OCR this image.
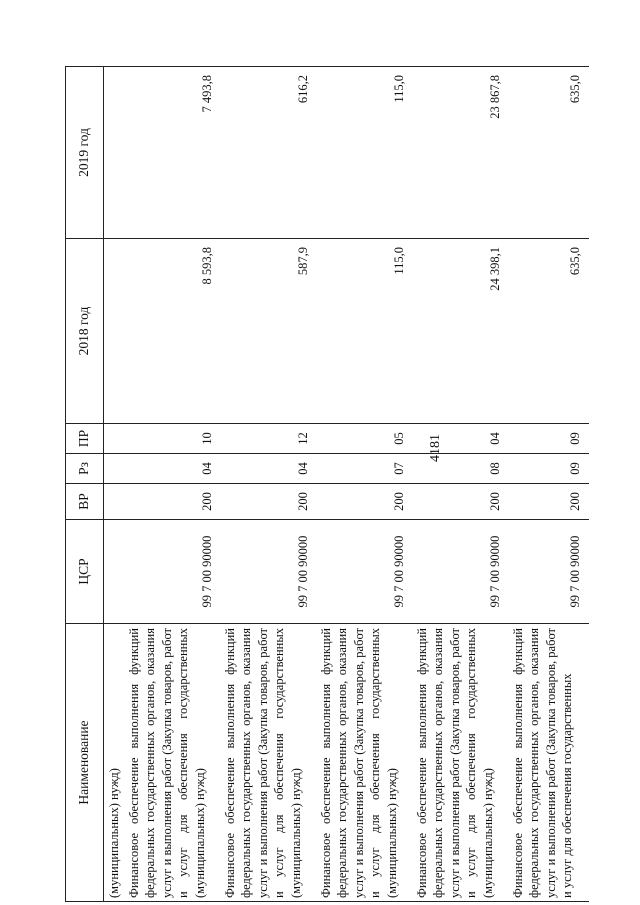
4181
Наименование	ЦСР	ВР	Рз	ПР	2018 год	2019 год
(муниципальных) нужд)						
Финансовое обеспечение выполнения функций федеральных государственных органов, оказания услуг и выполнения работ (Закупка товаров, работ и услуг для обеспечения государственных (муниципальных) нужд)	99 7 00 90000	200	04	10	8 593,8	7 493,8
Финансовое обеспечение выполнения функций федеральных государственных органов, оказания услуг и выполнения работ (Закупка товаров, работ и услуг для обеспечения государственных (муниципальных) нужд)	99 7 00 90000	200	04	12	587,9	616,2
Финансовое обеспечение выполнения функций федеральных государственных органов, оказания услуг и выполнения работ (Закупка товаров, работ и услуг для обеспечения государственных (муниципальных) нужд)	99 7 00 90000	200	07	05	115,0	115,0
Финансовое обеспечение выполнения функций федеральных государственных органов, оказания услуг и выполнения работ (Закупка товаров, работ и услуг для обеспечения государственных (муниципальных) нужд)	99 7 00 90000	200	08	04	24 398,1	23 867,8
Финансовое обеспечение выполнения функций федеральных государственных органов, оказания услуг и выполнения работ (Закупка товаров, работ и услуг для обеспечения государственных	99 7 00 90000	200	09	09	635,0	635,0
